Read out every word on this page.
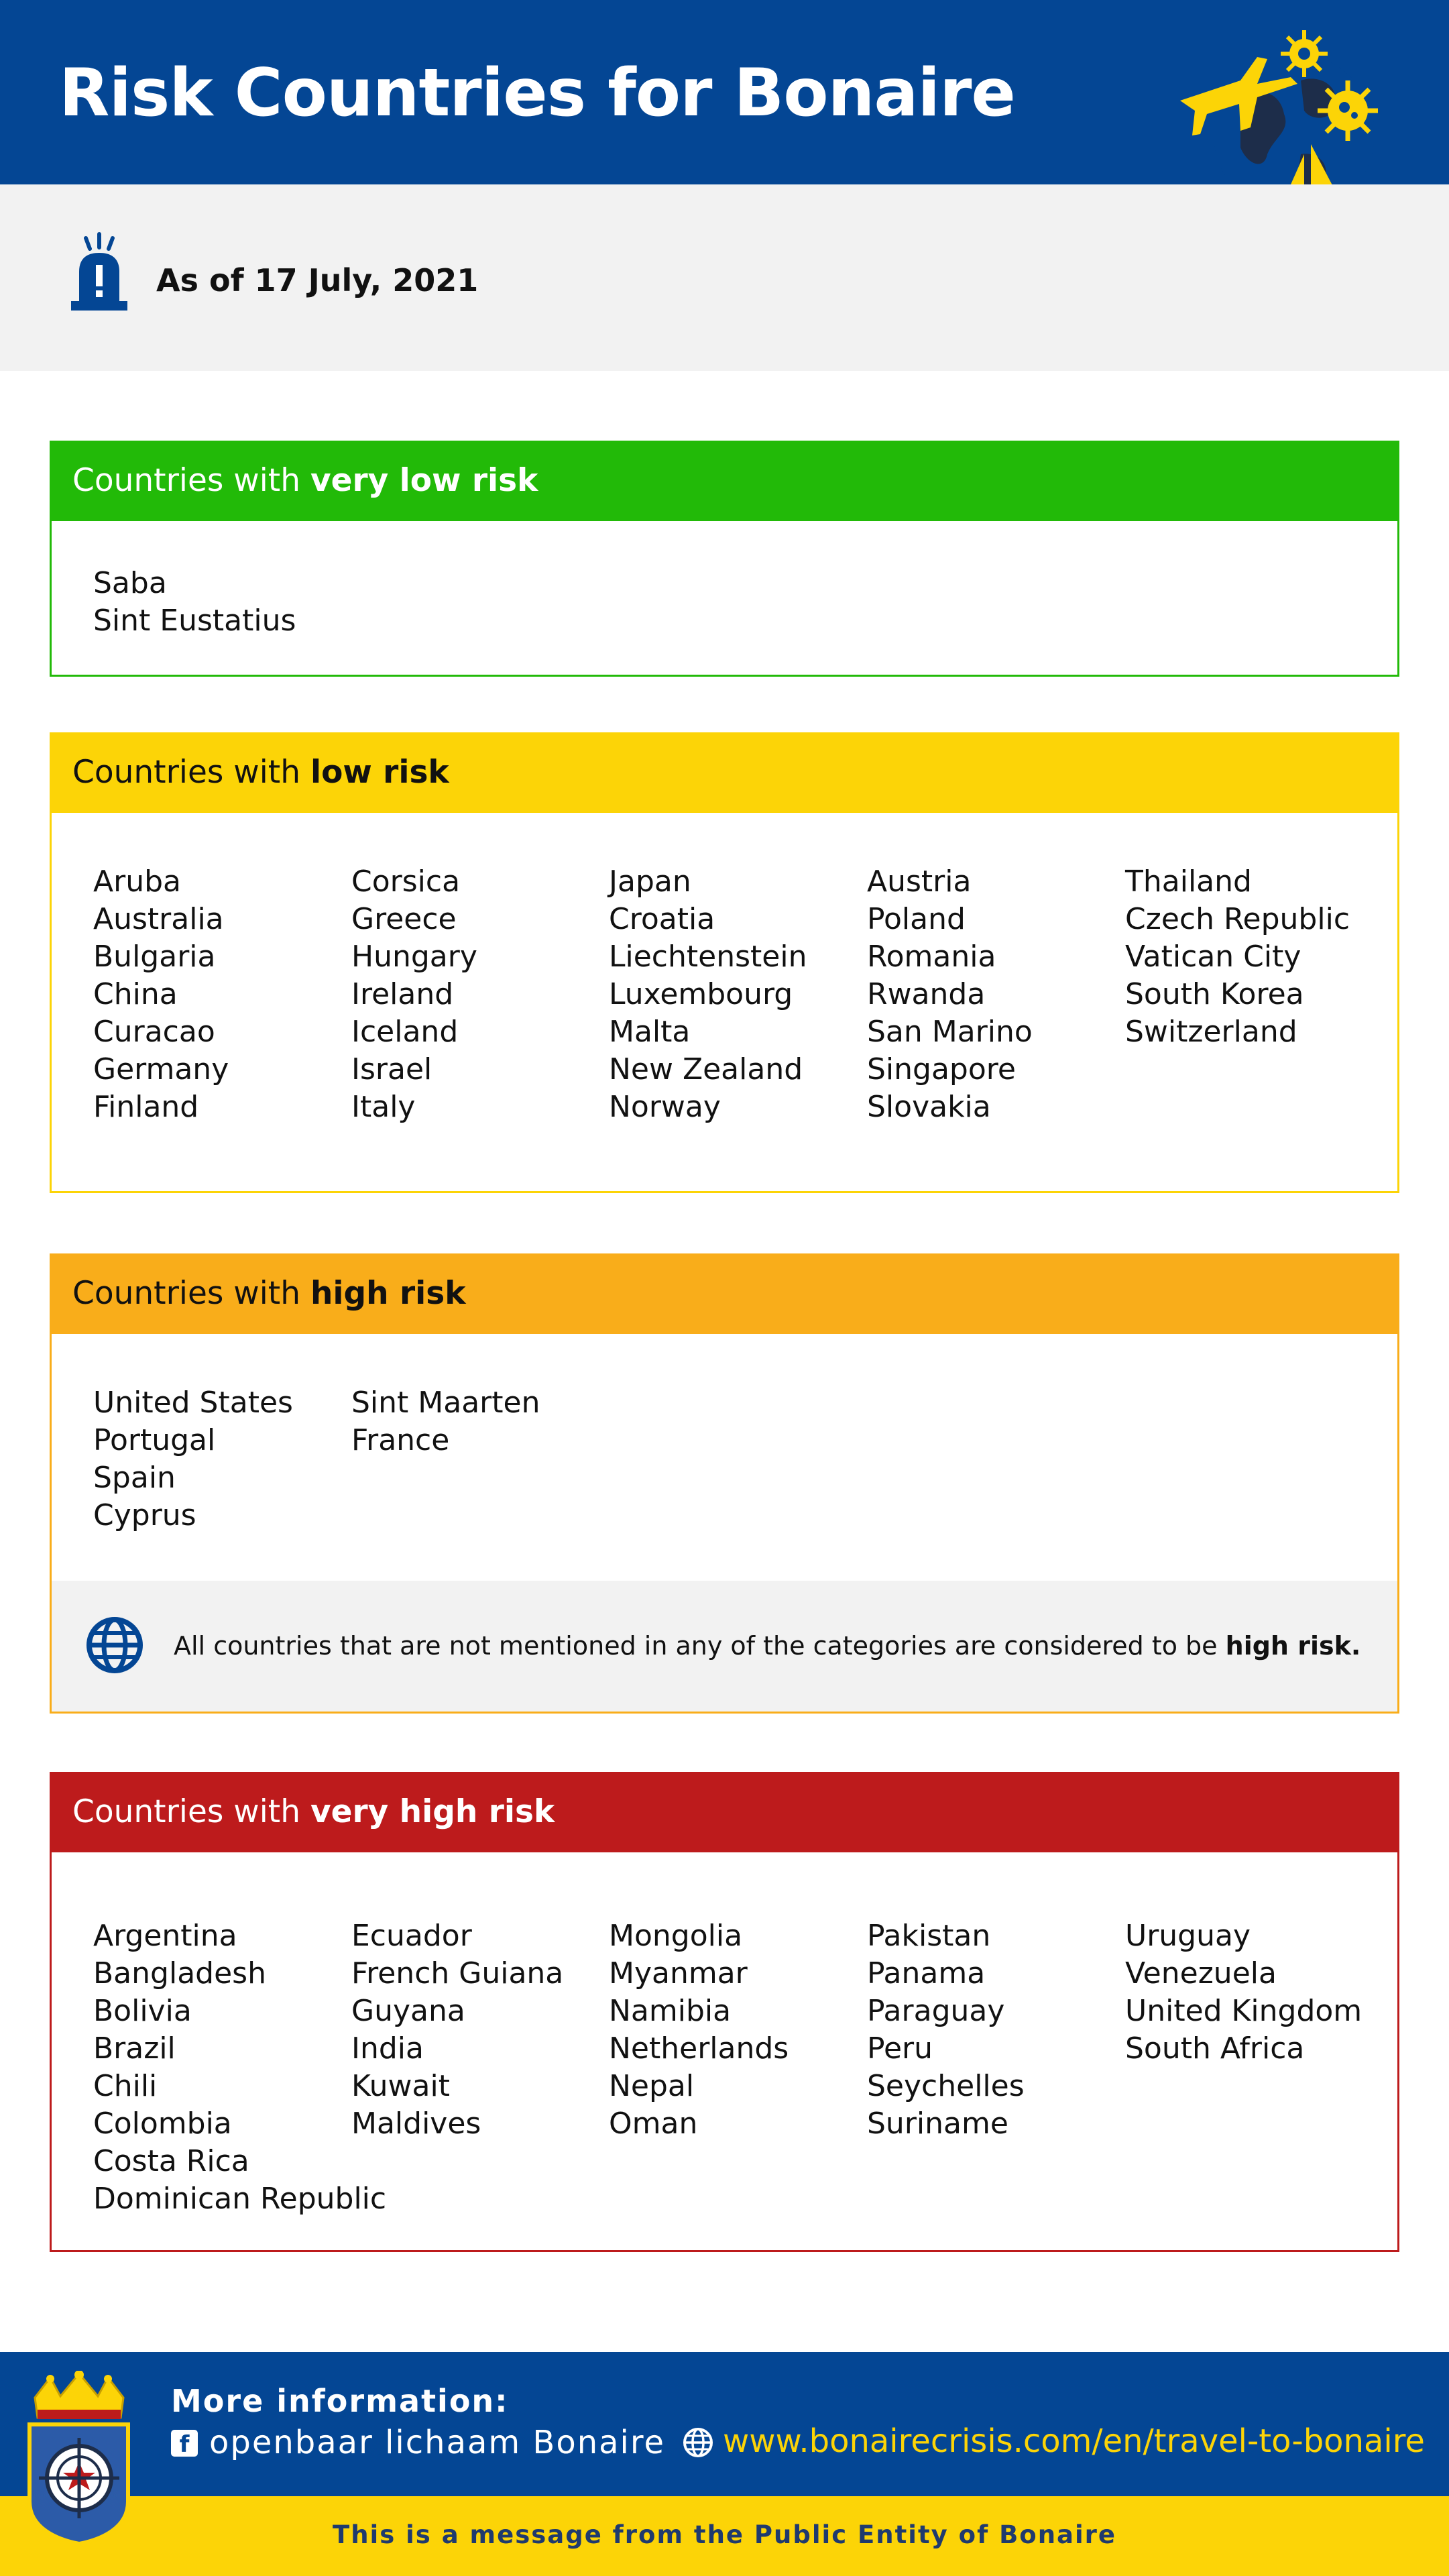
Risk Countries for Bonaire
As of 17 July, 2021
Countries with very low risk
Saba
Sint Eustatius
Countries with low risk
Aruba
Australia
Bulgaria
China
Curacao
Germany
Finland
Corsica
Greece
Hungary
Ireland
Iceland
Israel
Italy
Japan
Croatia
Liechtenstein
Luxembourg
Malta
New Zealand
Norway
Austria
Poland
Romania
Rwanda
San Marino
Singapore
Slovakia
Thailand
Czech Republic
Vatican City
South Korea
Switzerland
Countries with high risk
United States
Portugal
Spain
Cyprus
Sint Maarten
France
All countries that are not mentioned in any of the categories are considered to be high risk.
Countries with very high risk
Argentina
Bangladesh
Bolivia
Brazil
Chili
Colombia
Costa Rica
Dominican Republic
Ecuador
French Guiana
Guyana
India
Kuwait
Maldives
Mongolia
Myanmar
Namibia
Netherlands
Nepal
Oman
Pakistan
Panama
Paraguay
Peru
Seychelles
Suriname
Uruguay
Venezuela
United Kingdom
South Africa
More information:
f openbaar lichaam Bonaire www.bonairecrisis.com/en/travel-to-bonaire
This is a message from the Public Entity of Bonaire
